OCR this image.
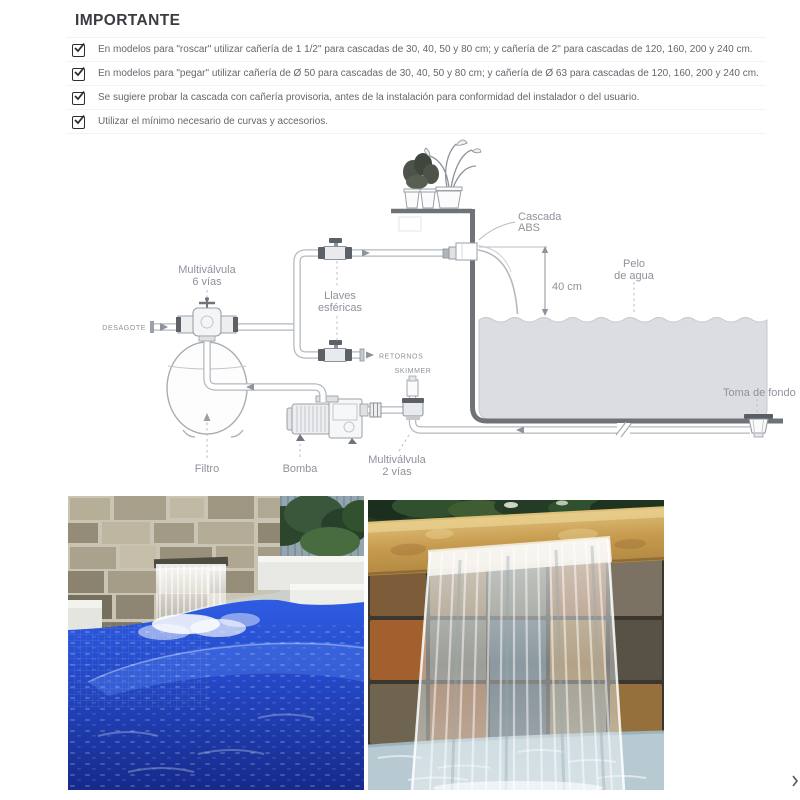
IMPORTANTE
En modelos para "roscar" utilizar cañería de 1 1/2" para cascadas de 30, 40, 50 y 80 cm; y cañería de 2" para cascadas de 120, 160, 200 y 240 cm.
En modelos para "pegar" utilizar cañería de Ø 50 para cascadas de 30, 40, 50 y 80 cm; y cañería de Ø 63 para cascadas de 120, 160, 200 y 240 cm.
Se sugiere probar la cascada con cañería provisoria, antes de la instalación para conformidad del instalador o del usuario.
Utilizar el mínimo necesario de curvas y accesorios.
40 cm
Multiválvula
6 vías
DESAGOTE
Llaves
esféricas
RETORNOS
SKIMMER
Cascada
ABS
Pelo
de agua
Filtro	Bomba
Multiválvula
2 vías
Toma de fondo
